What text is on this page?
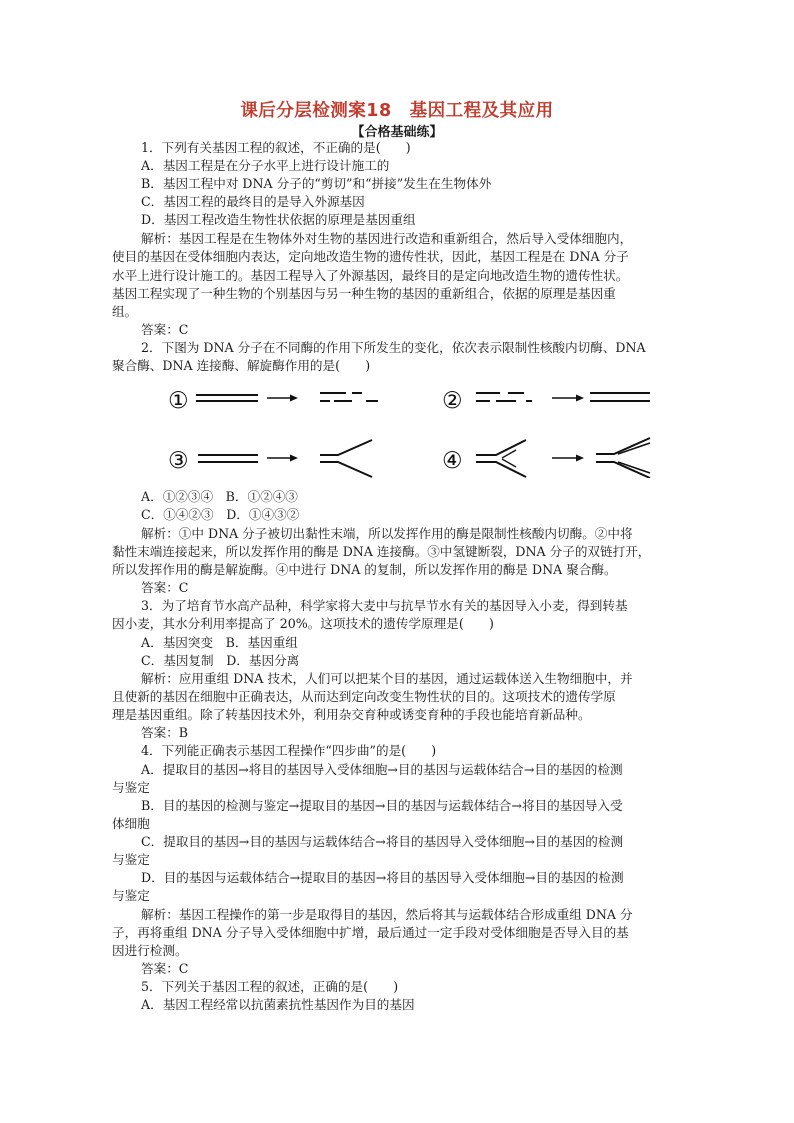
课后分层检测案18　基因工程及其应用
【合格基础练】
1．下列有关基因工程的叙述，不正确的是(　　)
A．基因工程是在分子水平上进行设计施工的
B．基因工程中对 DNA 分子的“剪切”和“拼接”发生在生物体外
C．基因工程的最终目的是导入外源基因
D．基因工程改造生物性状依据的原理是基因重组
解析：基因工程是在生物体外对生物的基因进行改造和重新组合，然后导入受体细胞内，
使目的基因在受体细胞内表达，定向地改造生物的遗传性状，因此，基因工程是在 DNA 分子
水平上进行设计施工的。基因工程导入了外源基因，最终目的是定向地改造生物的遗传性状。
基因工程实现了一种生物的个别基因与另一种生物的基因的重新组合，依据的原理是基因重
组。
答案：C
2．下图为 DNA 分子在不同酶的作用下所发生的变化，依次表示限制性核酸内切酶、DNA
聚合酶、DNA 连接酶、解旋酶作用的是(　　)
①	②
③	④
A．①②③④　B．①②④③
C．①④②③　D．①④③②
解析：①中 DNA 分子被切出黏性末端，所以发挥作用的酶是限制性核酸内切酶。②中将
黏性末端连接起来，所以发挥作用的酶是 DNA 连接酶。③中氢键断裂，DNA 分子的双链打开，
所以发挥作用的酶是解旋酶。④中进行 DNA 的复制，所以发挥作用的酶是 DNA 聚合酶。
答案：C
3．为了培育节水高产品种，科学家将大麦中与抗旱节水有关的基因导入小麦，得到转基
因小麦，其水分利用率提高了 20%。这项技术的遗传学原理是(　　)
A．基因突变　B．基因重组
C．基因复制　D．基因分离
解析：应用重组 DNA 技术，人们可以把某个目的基因，通过运载体送入生物细胞中，并
且使新的基因在细胞中正确表达，从而达到定向改变生物性状的目的。这项技术的遗传学原
理是基因重组。除了转基因技术外，利用杂交育种或诱变育种的手段也能培育新品种。
答案：B
4．下列能正确表示基因工程操作“四步曲”的是(　　)
A．提取目的基因→将目的基因导入受体细胞→目的基因与运载体结合→目的基因的检测
与鉴定
B．目的基因的检测与鉴定→提取目的基因→目的基因与运载体结合→将目的基因导入受
体细胞
C．提取目的基因→目的基因与运载体结合→将目的基因导入受体细胞→目的基因的检测
与鉴定
D．目的基因与运载体结合→提取目的基因→将目的基因导入受体细胞→目的基因的检测
与鉴定
解析：基因工程操作的第一步是取得目的基因，然后将其与运载体结合形成重组 DNA 分
子，再将重组 DNA 分子导入受体细胞中扩增，最后通过一定手段对受体细胞是否导入目的基
因进行检测。
答案：C
5．下列关于基因工程的叙述，正确的是(　　)
A．基因工程经常以抗菌素抗性基因作为目的基因
